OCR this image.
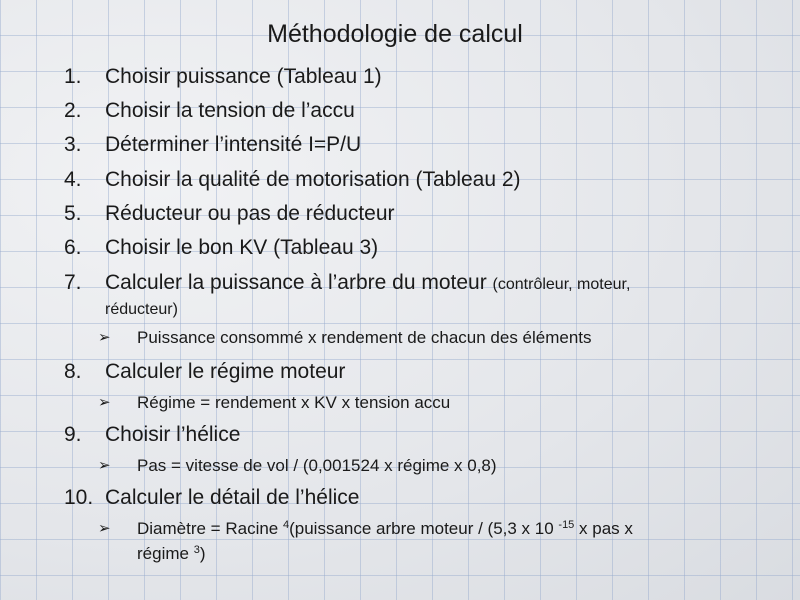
Méthodologie de calcul
1. Choisir puissance (Tableau 1)
2. Choisir la tension de l’accu
3. Déterminer l’intensité I=P/U
4. Choisir la qualité de motorisation (Tableau 2)
5. Réducteur ou pas de réducteur
6. Choisir le bon KV (Tableau 3)
7. Calculer la puissance à l’arbre du moteur (contrôleur, moteur,
réducteur)
➢ Puissance consommé x rendement de chacun des éléments
8. Calculer le régime moteur
➢ Régime = rendement x KV x tension accu
9. Choisir l’hélice
➢ Pas = vitesse de vol / (0,001524 x régime x 0,8)
10. Calculer le détail de l’hélice
➢ Diamètre = Racine $^4$(puissance arbre moteur / (5,3 x 10 $^{-15}$ x pas x
régime $^3$)
